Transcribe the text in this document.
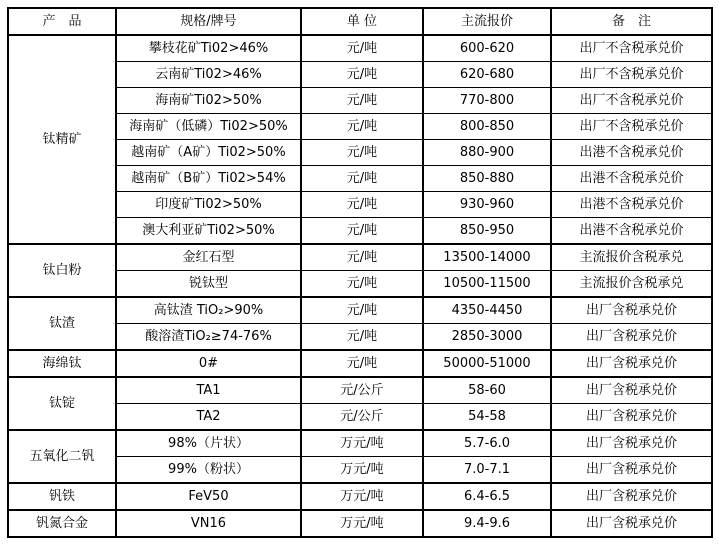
产　品	规格/牌号	单 位	主流报价	备　注
钛精矿	攀枝花矿Ti02>46%	元/吨	600-620	出厂不含税承兑价
	云南矿Ti02>46%	元/吨	620-680	出厂不含税承兑价
	海南矿Ti02>50%	元/吨	770-800	出厂不含税承兑价
	海南矿（低磷）Ti02>50%	元/吨	800-850	出厂不含税承兑价
	越南矿（A矿）Ti02>50%	元/吨	880-900	出港不含税承兑价
	越南矿（B矿）Ti02>54%	元/吨	850-880	出港不含税承兑价
	印度矿Ti02>50%	元/吨	930-960	出港不含税承兑价
	澳大利亚矿Ti02>50%	元/吨	850-950	出港不含税承兑价
钛白粉	金红石型	元/吨	13500-14000	主流报价含税承兑
	锐钛型	元/吨	10500-11500	主流报价含税承兑
钛渣	高钛渣 TiO₂>90%	元/吨	4350-4450	出厂含税承兑价
	酸溶渣TiO₂≥74-76%	元/吨	2850-3000	出厂含税承兑价
海绵钛	0#	元/吨	50000-51000	出厂含税承兑价
钛锭	TA1	元/公斤	58-60	出厂含税承兑价
	TA2	元/公斤	54-58	出厂含税承兑价
五氧化二钒	98%（片状）	万元/吨	5.7-6.0	出厂含税承兑价
	99%（粉状）	万元/吨	7.0-7.1	出厂含税承兑价
钒铁	FeV50	万元/吨	6.4-6.5	出厂含税承兑价
钒氮合金	VN16	万元/吨	9.4-9.6	出厂含税承兑价
